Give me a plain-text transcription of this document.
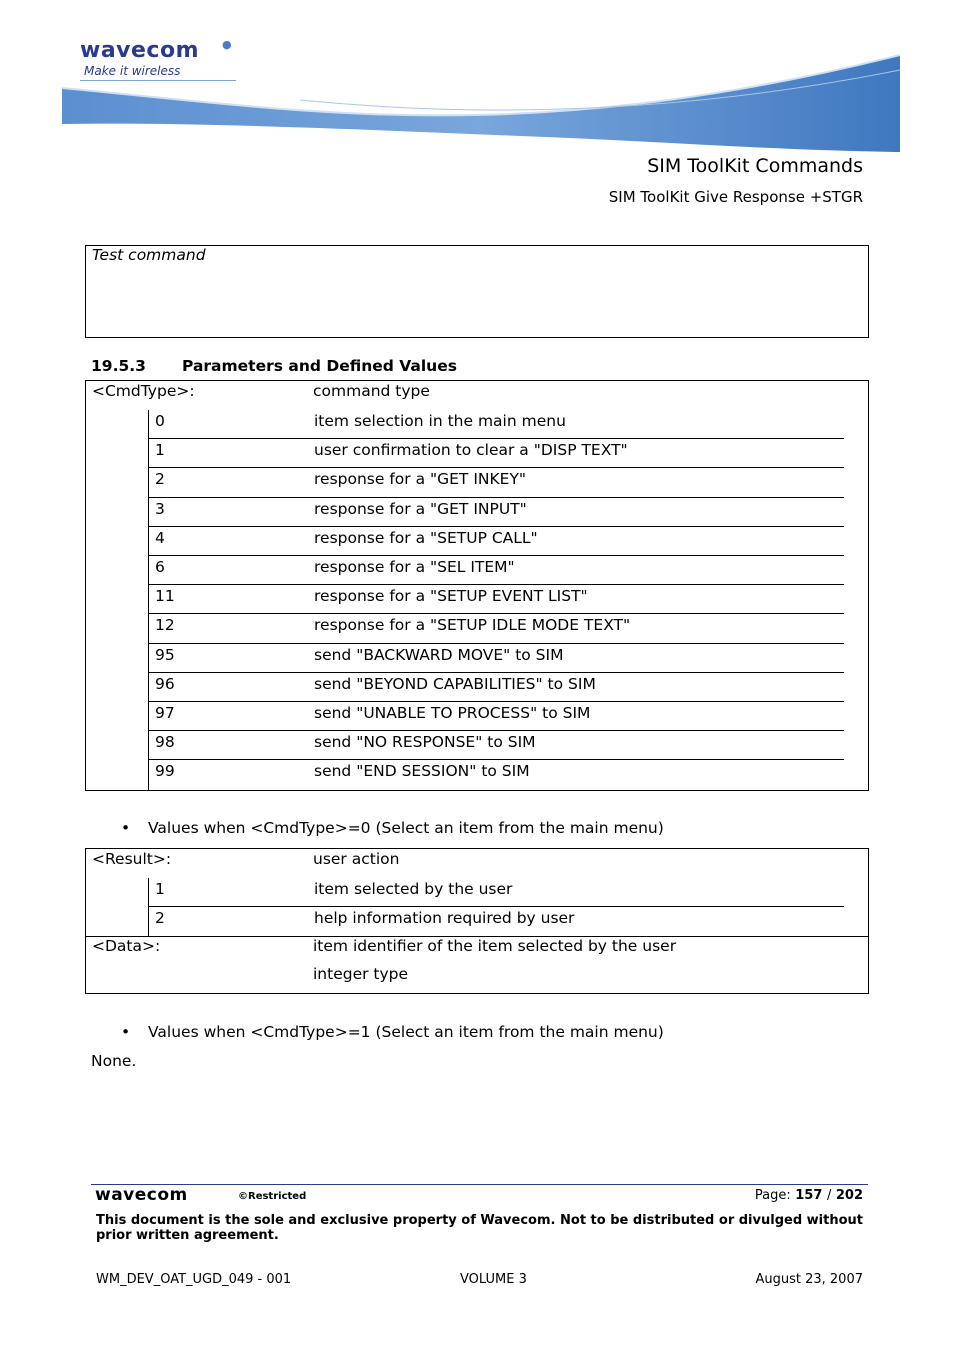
wavecom ●
Make it wireless
SIM ToolKit Commands
SIM ToolKit Give Response +STGR
Test command
19.5.3 Parameters and Defined Values
<CmdType>:	command type
0	item selection in the main menu
1	user confirmation to clear a "DISP TEXT"
2	response for a "GET INKEY"
3	response for a "GET INPUT"
4	response for a "SETUP CALL"
6	response for a "SEL ITEM"
11	response for a "SETUP EVENT LIST"
12	response for a "SETUP IDLE MODE TEXT"
95	send "BACKWARD MOVE" to SIM
96	send "BEYOND CAPABILITIES" to SIM
97	send "UNABLE TO PROCESS" to SIM
98	send "NO RESPONSE" to SIM
99	send "END SESSION" to SIM
• Values when <CmdType>=0 (Select an item from the main menu)
<Result>:	user action
1	item selected by the user
2	help information required by user
<Data>:	item identifier of the item selected by the user
integer type
• Values when <CmdType>=1 (Select an item from the main menu)
None.
wavecom	©Restricted	Page: 157 / 202
This document is the sole and exclusive property of Wavecom. Not to be distributed or divulged without prior written agreement.
WM_DEV_OAT_UGD_049 - 001	VOLUME 3	August 23, 2007
